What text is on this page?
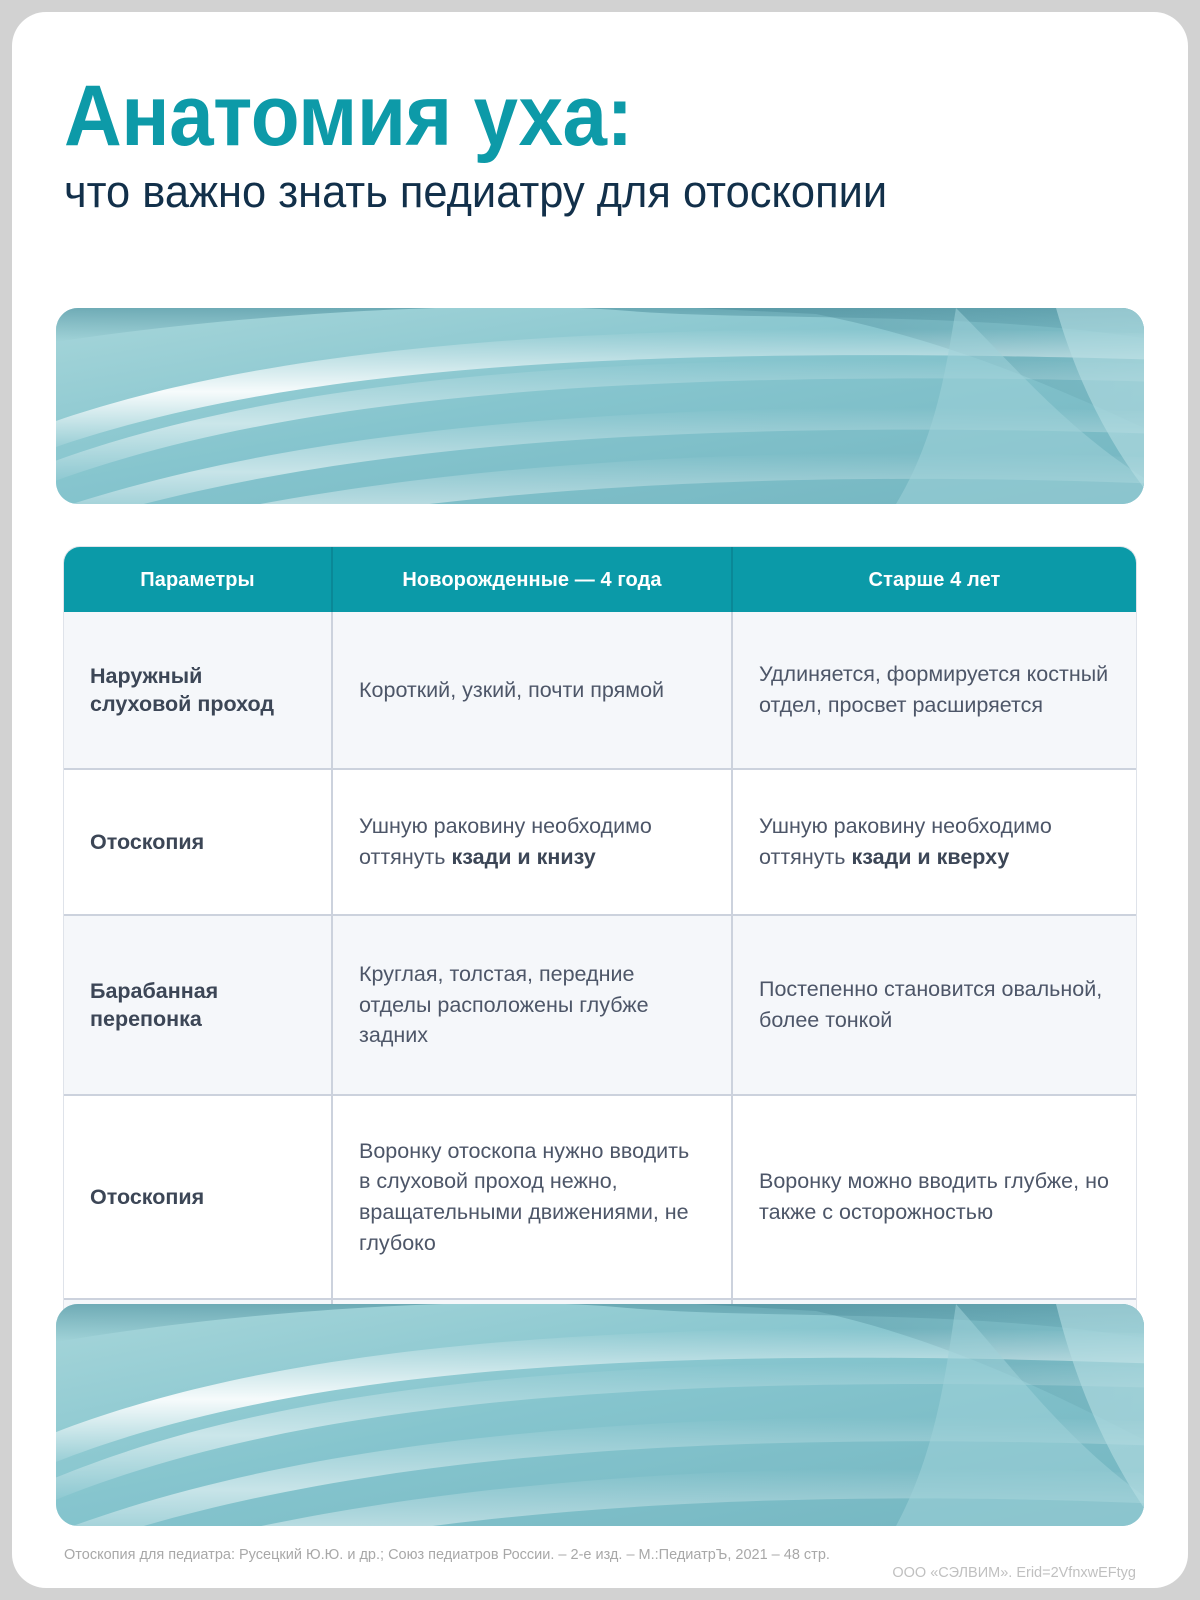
Анатомия уха:
что важно знать педиатру для отоскопии
Параметры	Новорожденные — 4 года	Старше 4 лет
Наружный слуховой проход	Короткий, узкий, почти прямой	Удлиняется, формируется костный отдел, просвет расширяется
Отоскопия	Ушную раковину необходимо оттянуть кзади и книзу	Ушную раковину необходимо оттянуть кзади и кверху
Барабанная перепонка	Круглая, толстая, передние отделы расположены глубже задних	Постепенно становится овальной, более тонкой
Отоскопия	Воронку отоскопа нужно вводить в слуховой проход нежно, вращательными движениями, не глубоко	Воронку можно вводить глубже, но также с осторожностью

Отоскопия для педиатра: Русецкий Ю.Ю. и др.; Союз педиатров России. – 2-е изд. – М.:ПедиатрЪ, 2021 – 48 стр.
ООО «СЭЛВИМ». Erid=2VfnxwEFtyg
